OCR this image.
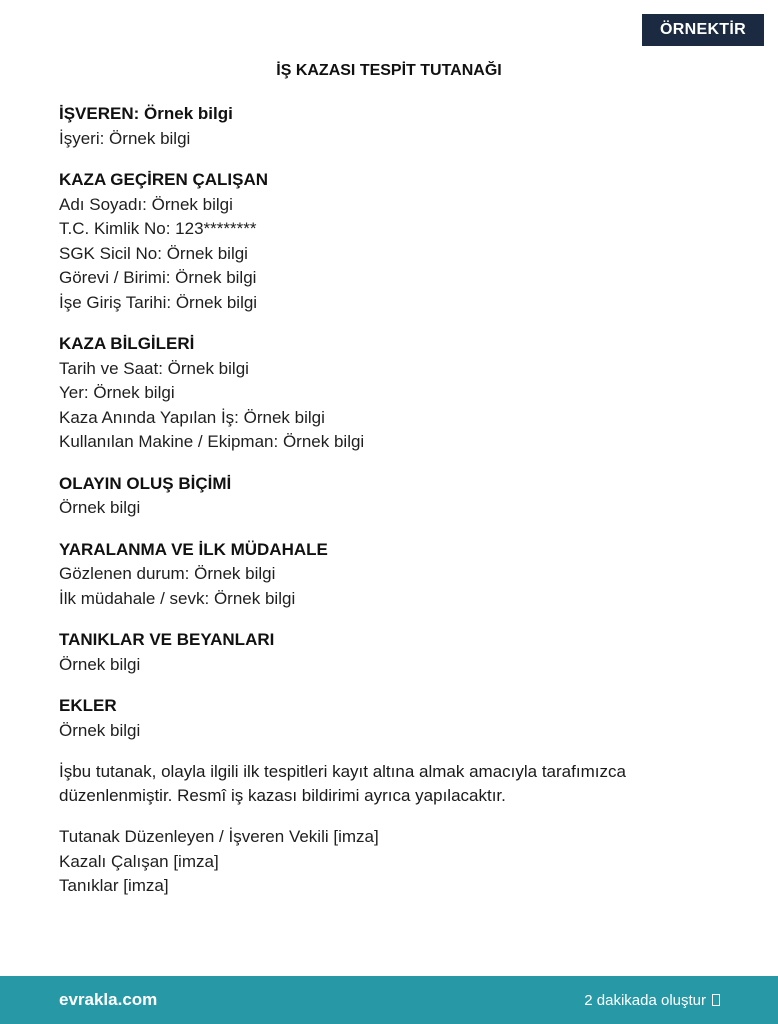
ÖRNEKTİR
İŞ KAZASI TESPİT TUTANAĞI
İŞVEREN: Örnek bilgi
İşyeri: Örnek bilgi
KAZA GEÇİREN ÇALIŞAN
Adı Soyadı: Örnek bilgi
T.C. Kimlik No: 123********
SGK Sicil No: Örnek bilgi
Görevi / Birimi: Örnek bilgi
İşe Giriş Tarihi: Örnek bilgi
KAZA BİLGİLERİ
Tarih ve Saat: Örnek bilgi
Yer: Örnek bilgi
Kaza Anında Yapılan İş: Örnek bilgi
Kullanılan Makine / Ekipman: Örnek bilgi
OLAYIN OLUŞ BİÇİMİ
Örnek bilgi
YARALANMA VE İLK MÜDAHALE
Gözlenen durum: Örnek bilgi
İlk müdahale / sevk: Örnek bilgi
TANIKLAR VE BEYANLARI
Örnek bilgi
EKLER
Örnek bilgi
İşbu tutanak, olayla ilgili ilk tespitleri kayıt altına almak amacıyla tarafımızca düzenlenmiştir. Resmî iş kazası bildirimi ayrıca yapılacaktır.
Tutanak Düzenleyen / İşveren Vekili [imza]
Kazalı Çalışan [imza]
Tanıklar [imza]
evrakla.com	2 dakikada oluştur
